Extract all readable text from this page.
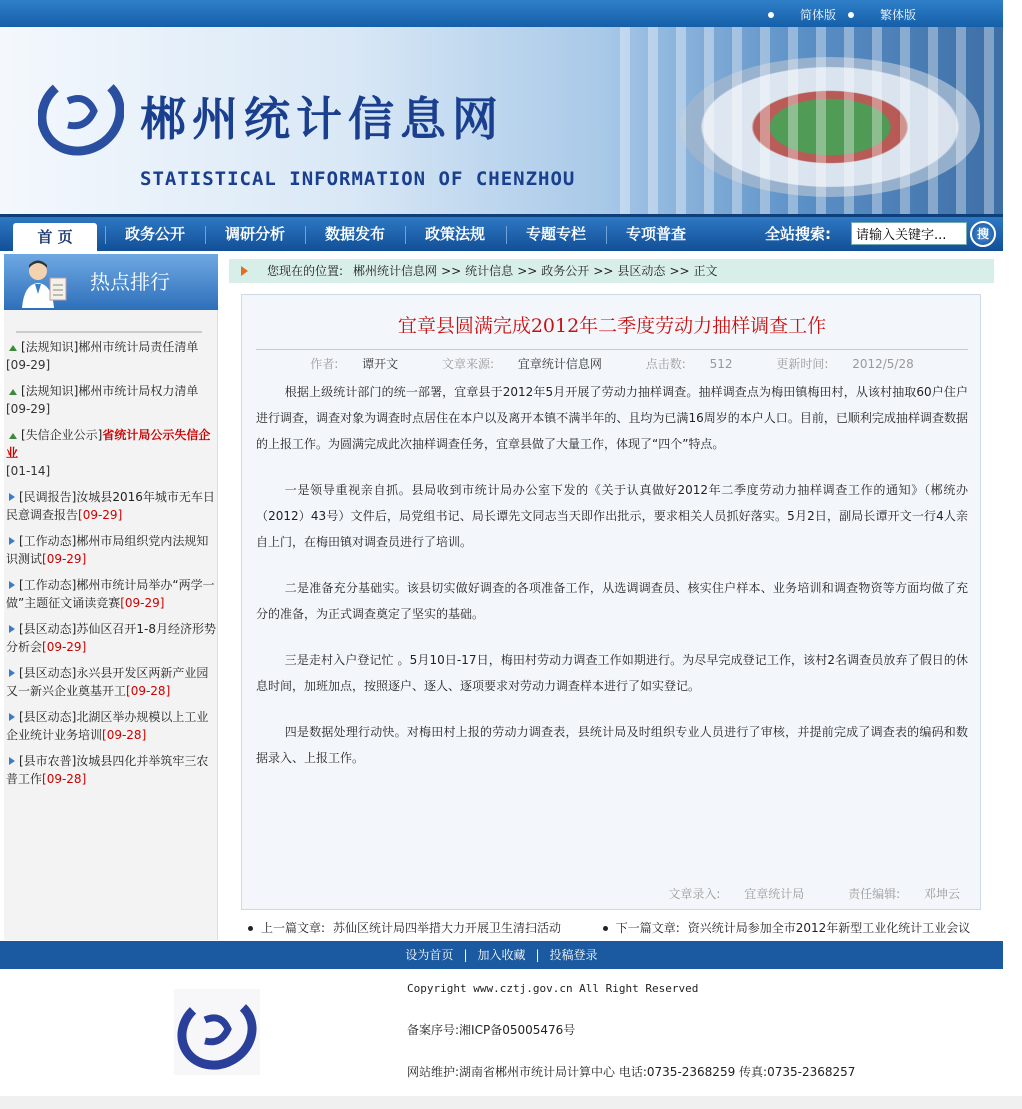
简体版	繁体版
郴州统计信息网
STATISTICAL INFORMATION OF CHENZHOU
首 页	政务公开	调研分析	数据发布	政策法规	专题专栏	专项普查	全站搜索:
请输入关键字...	搜
热点排行
[法规知识]郴州市统计局责任清单
[09-29]
[法规知识]郴州市统计局权力清单
[09-29]
[失信企业公示]省统计局公示失信企业
[01-14]
[民调报告]汝城县2016年城市无车日民意调查报告[09-29]
[工作动态]郴州市局组织党内法规知识测试[09-29]
[工作动态]郴州市统计局举办“两学一做”主题征文诵读竞赛[09-29]
[县区动态]苏仙区召开1-8月经济形势分析会[09-29]
[县区动态]永兴县开发区两新产业园又一新兴企业奠基开工[09-28]
[县区动态]北湖区举办规模以上工业企业统计业务培训[09-28]
[县市农普]汝城县四化并举筑牢三农普工作[09-28]
您现在的位置: 郴州统计信息网 >> 统计信息 >> 政务公开 >> 县区动态 >> 正文
宜章县圆满完成2012年二季度劳动力抽样调查工作
作者: 谭开文	文章来源: 宜章统计信息网	点击数: 512	更新时间: 2012/5/28

根据上级统计部门的统一部署，宜章县于2012年5月开展了劳动力抽样调查。抽样调查点为梅田镇梅田村，从该村抽取60户住户进行调查，调查对象为调查时点居住在本户以及离开本镇不满半年的、且均为已满16周岁的本户人口。目前，已顺利完成抽样调查数据的上报工作。为圆满完成此次抽样调查任务，宜章县做了大量工作，体现了“四个”特点。

一是领导重视亲自抓。县局收到市统计局办公室下发的《关于认真做好2012年二季度劳动力抽样调查工作的通知》（郴统办（2012）43号）文件后，局党组书记、局长谭先文同志当天即作出批示，要求相关人员抓好落实。5月2日，副局长谭开文一行4人亲自上门，在梅田镇对调查员进行了培训。

二是准备充分基础实。该县切实做好调查的各项准备工作，从选调调查员、核实住户样本、业务培训和调查物资等方面均做了充分的准备，为正式调查奠定了坚实的基础。

三是走村入户登记忙 。5月10日-17日，梅田村劳动力调查工作如期进行。为尽早完成登记工作，该村2名调查员放弃了假日的休息时间，加班加点，按照逐户、逐人、逐项要求对劳动力调查样本进行了如实登记。

四是数据处理行动快。对梅田村上报的劳动力调查表，县统计局及时组织专业人员进行了审核，并提前完成了调查表的编码和数据录入、上报工作。

文章录入: 宜章统计局	责任编辑: 邓坤云
上一篇文章: 苏仙区统计局四举措大力开展卫生清扫活动	下一篇文章: 资兴统计局参加全市2012年新型工业化统计工业会议
设为首页 | 加入收藏 | 投稿登录
Copyright www.cztj.gov.cn All Right Reserved
备案序号:湘ICP备05005476号
网站维护:湖南省郴州市统计局计算中心 电话:0735-2368259 传真:0735-2368257
